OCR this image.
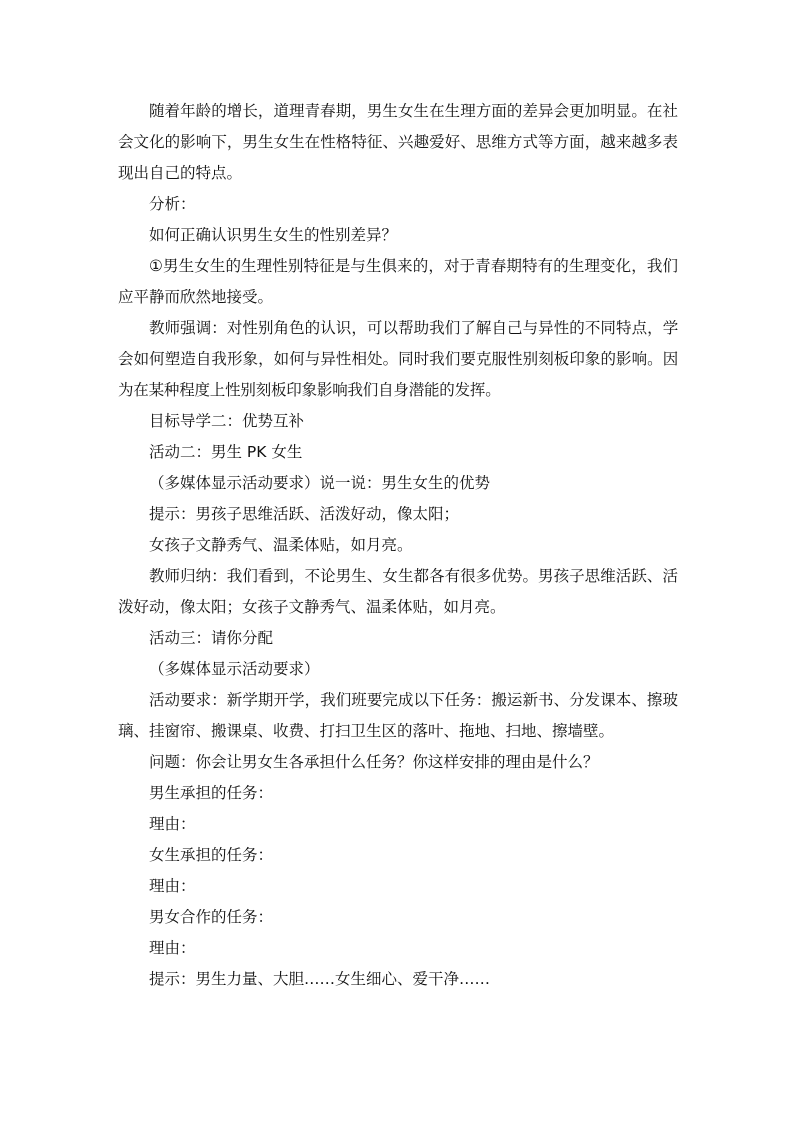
随着年龄的增长，道理青春期，男生女生在生理方面的差异会更加明显。在社会文化的影响下，男生女生在性格特征、兴趣爱好、思维方式等方面，越来越多表现出自己的特点。

分析：

如何正确认识男生女生的性别差异？

①男生女生的生理性别特征是与生俱来的，对于青春期特有的生理变化，我们应平静而欣然地接受。

教师强调：对性别角色的认识，可以帮助我们了解自己与异性的不同特点，学会如何塑造自我形象，如何与异性相处。同时我们要克服性别刻板印象的影响。因为在某种程度上性别刻板印象影响我们自身潜能的发挥。

目标导学二：优势互补

活动二：男生 PK 女生

（多媒体显示活动要求）说一说：男生女生的优势

提示：男孩子思维活跃、活泼好动，像太阳；

女孩子文静秀气、温柔体贴，如月亮。

教师归纳：我们看到，不论男生、女生都各有很多优势。男孩子思维活跃、活泼好动，像太阳；女孩子文静秀气、温柔体贴，如月亮。

活动三：请你分配

（多媒体显示活动要求）

活动要求：新学期开学，我们班要完成以下任务：搬运新书、分发课本、擦玻璃、挂窗帘、搬课桌、收费、打扫卫生区的落叶、拖地、扫地、擦墙壁。

问题：你会让男女生各承担什么任务？你这样安排的理由是什么？

男生承担的任务：

理由：

女生承担的任务：

理由：

男女合作的任务：

理由：

提示：男生力量、大胆……女生细心、爱干净……
